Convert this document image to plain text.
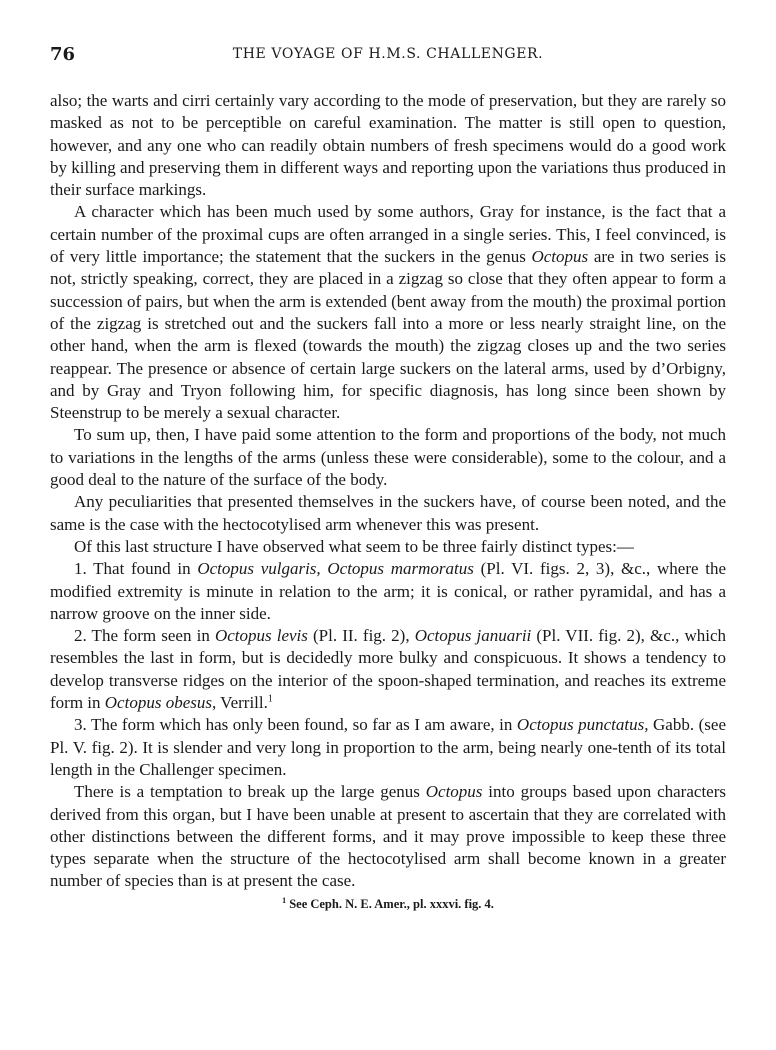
76	THE VOYAGE OF H.M.S. CHALLENGER.

also; the warts and cirri certainly vary according to the mode of preservation, but they are rarely so masked as not to be perceptible on careful examination. The matter is still open to question, however, and any one who can readily obtain numbers of fresh specimens would do a good work by killing and preserving them in different ways and reporting upon the variations thus produced in their surface markings.

A character which has been much used by some authors, Gray for instance, is the fact that a certain number of the proximal cups are often arranged in a single series. This, I feel convinced, is of very little importance; the statement that the suckers in the genus Octopus are in two series is not, strictly speaking, correct, they are placed in a zigzag so close that they often appear to form a succession of pairs, but when the arm is extended (bent away from the mouth) the proximal portion of the zigzag is stretched out and the suckers fall into a more or less nearly straight line, on the other hand, when the arm is flexed (towards the mouth) the zigzag closes up and the two series reappear. The presence or absence of certain large suckers on the lateral arms, used by d’Orbigny, and by Gray and Tryon following him, for specific diagnosis, has long since been shown by Steenstrup to be merely a sexual character.

To sum up, then, I have paid some attention to the form and proportions of the body, not much to variations in the lengths of the arms (unless these were considerable), some to the colour, and a good deal to the nature of the surface of the body.

Any peculiarities that presented themselves in the suckers have, of course been noted, and the same is the case with the hectocotylised arm whenever this was present.

Of this last structure I have observed what seem to be three fairly distinct types:—

1. That found in Octopus vulgaris, Octopus marmoratus (Pl. VI. figs. 2, 3), &c., where the modified extremity is minute in relation to the arm; it is conical, or rather pyramidal, and has a narrow groove on the inner side.

2. The form seen in Octopus levis (Pl. II. fig. 2), Octopus januarii (Pl. VII. fig. 2), &c., which resembles the last in form, but is decidedly more bulky and conspicuous. It shows a tendency to develop transverse ridges on the interior of the spoon-shaped termination, and reaches its extreme form in Octopus obesus, Verrill.$^1$

3. The form which has only been found, so far as I am aware, in Octopus punctatus, Gabb. (see Pl. V. fig. 2). It is slender and very long in proportion to the arm, being nearly one-tenth of its total length in the Challenger specimen.

There is a temptation to break up the large genus Octopus into groups based upon characters derived from this organ, but I have been unable at present to ascertain that they are correlated with other distinctions between the different forms, and it may prove impossible to keep these three types separate when the structure of the hectocotylised arm shall become known in a greater number of species than is at present the case.

$^1$ See Ceph. N. E. Amer., pl. xxxvi. fig. 4.
